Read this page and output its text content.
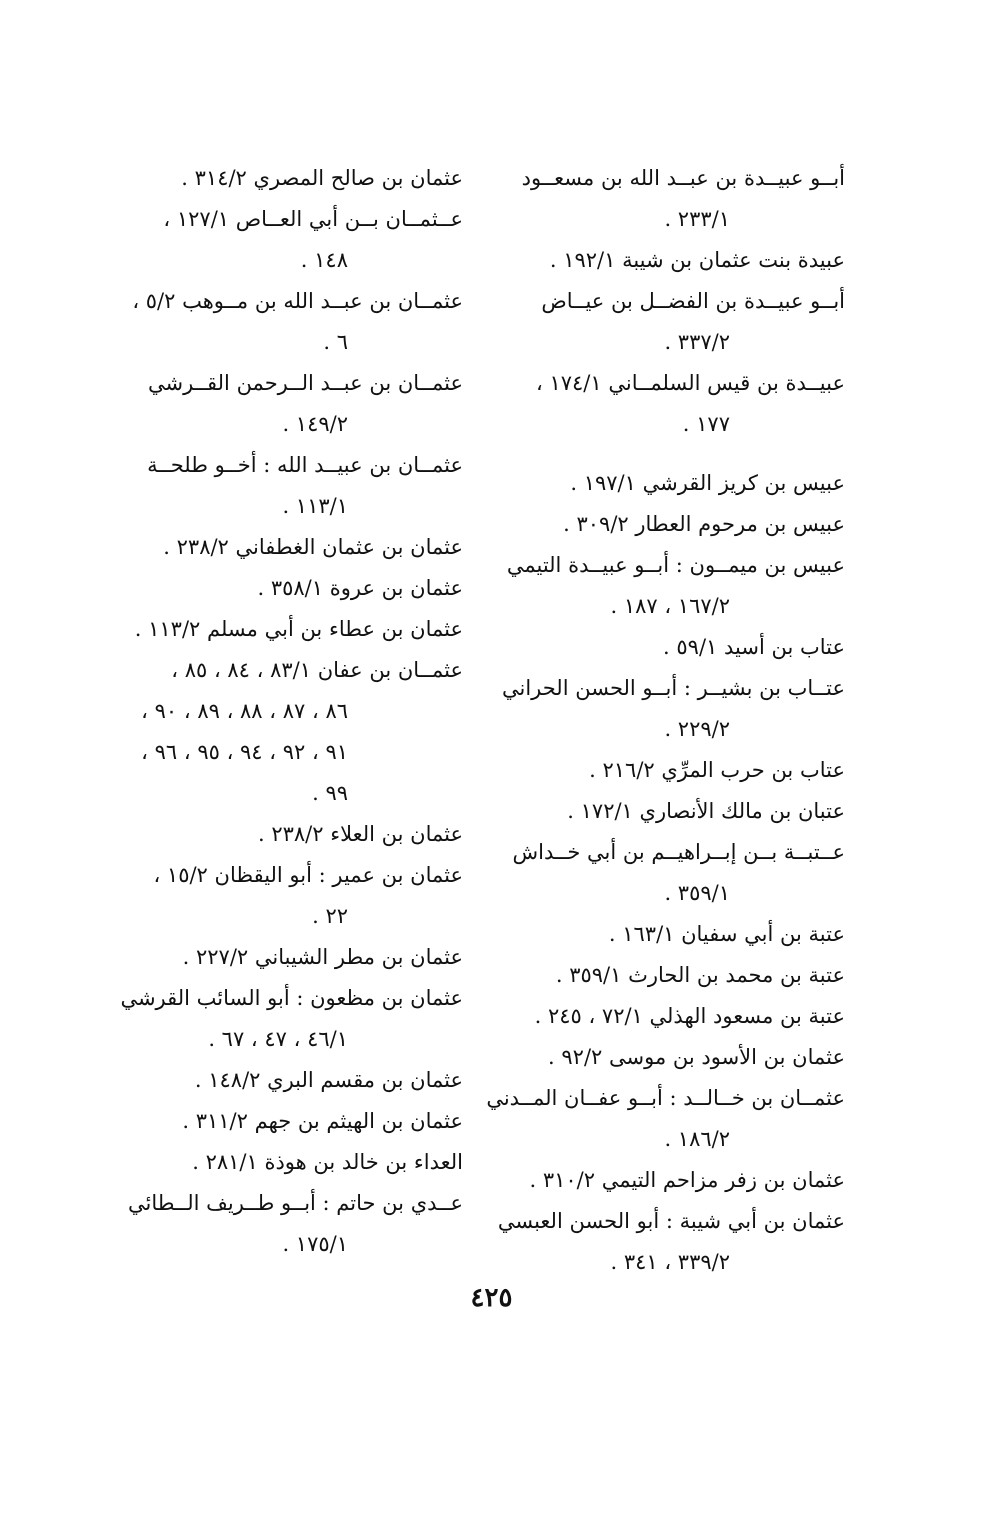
أبــو عبيــدة بن عبــد الله بن مسعــود
٢٣٣/١ .
عبيدة بنت عثمان بن شيبة ١٩٢/١ .
أبــو عبيــدة بن الفضــل بن عيــاض
٣٣٧/٢ .
عبيــدة بن قيس السلمــاني ١٧٤/١ ،
١٧٧ .
عبيس بن كريز القرشي ١٩٧/١ .
عبيس بن مرحوم العطار ٣٠٩/٢ .
عبيس بن ميمــون : أبــو عبيــدة التيمي
١٦٧/٢ ، ١٨٧ .
عتاب بن أسيد ٥٩/١ .
عتــاب بن بشيــر : أبــو الحسن الحراني
٢٢٩/٢ .
عتاب بن حرب المرِّي ٢١٦/٢ .
عتبان بن مالك الأنصاري ١٧٢/١ .
عــتبــة بــن إبــراهيــم بن أبي خــداش
٣٥٩/١ .
عتبة بن أبي سفيان ١٦٣/١ .
عتبة بن محمد بن الحارث ٣٥٩/١ .
عتبة بن مسعود الهذلي ٧٢/١ ، ٢٤٥ .
عثمان بن الأسود بن موسى ٩٢/٢ .
عثمــان بن خــالــد : أبــو عفــان المــدني
١٨٦/٢ .
عثمان بن زفر مزاحم التيمي ٣١٠/٢ .
عثمان بن أبي شيبة : أبو الحسن العبسي
٣٣٩/٢ ، ٣٤١ .
عثمان بن صالح المصري ٣١٤/٢ .
عــثمــان بــن أبي العــاص ١٢٧/١ ،
١٤٨ .
عثمــان بن عبــد الله بن مــوهب ٥/٢ ،
٦ .
عثمــان بن عبــد الــرحمن القــرشي
١٤٩/٢ .
عثمــان بن عبيــد الله : أخــو طلحــة
١١٣/١ .
عثمان بن عثمان الغطفاني ٢٣٨/٢ .
عثمان بن عروة ٣٥٨/١ .
عثمان بن عطاء بن أبي مسلم ١١٣/٢ .
عثمــان بن عفان ٨٣/١ ، ٨٤ ، ٨٥ ،
٨٦ ، ٨٧ ، ٨٨ ، ٨٩ ، ٩٠ ،
٩١ ، ٩٢ ، ٩٤ ، ٩٥ ، ٩٦ ،
٩٩ .
عثمان بن العلاء ٢٣٨/٢ .
عثمان بن عمير : أبو اليقظان ١٥/٢ ،
٢٢ .
عثمان بن مطر الشيباني ٢٢٧/٢ .
عثمان بن مظعون : أبو السائب القرشي
٤٦/١ ، ٤٧ ، ٦٧ .
عثمان بن مقسم البري ١٤٨/٢ .
عثمان بن الهيثم بن جهم ٣١١/٢ .
العداء بن خالد بن هوذة ٢٨١/١ .
عــدي بن حاتم : أبــو طــريف الــطائي
١٧٥/١ .
٤٢٥
